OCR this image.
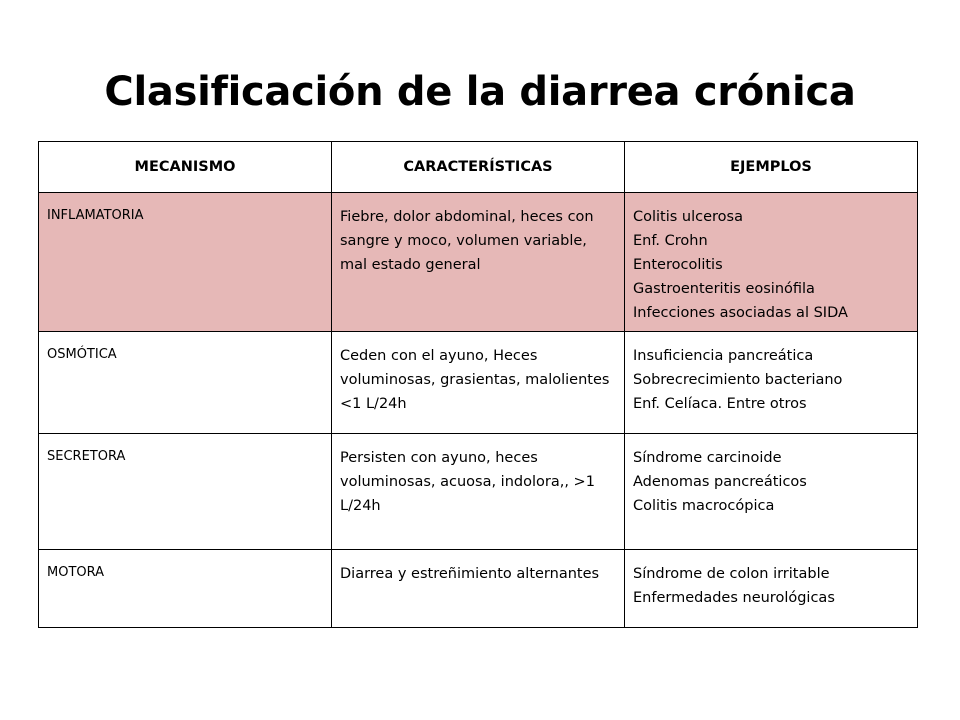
Clasificación de la diarrea crónica
MECANISMO	CARACTERÍSTICAS	EJEMPLOS
INFLAMATORIA	Fiebre, dolor abdominal, heces con sangre y moco, volumen variable, mal estado general	Colitis ulcerosa
Enf. Crohn
Enterocolitis
Gastroenteritis eosinófila
Infecciones asociadas al SIDA

OSMÓTICA	Ceden con el ayuno, Heces voluminosas, grasientas, malolientes <1 L/24h	Insuficiencia pancreática
Sobrecrecimiento bacteriano
Enf. Celíaca. Entre otros

SECRETORA	Persisten con ayuno, heces voluminosas, acuosa, indolora,, >1 L/24h	Síndrome carcinoide
Adenomas pancreáticos
Colitis macrocópica

MOTORA	Diarrea y estreñimiento alternantes	Síndrome de colon irritable
Enfermedades neurológicas
